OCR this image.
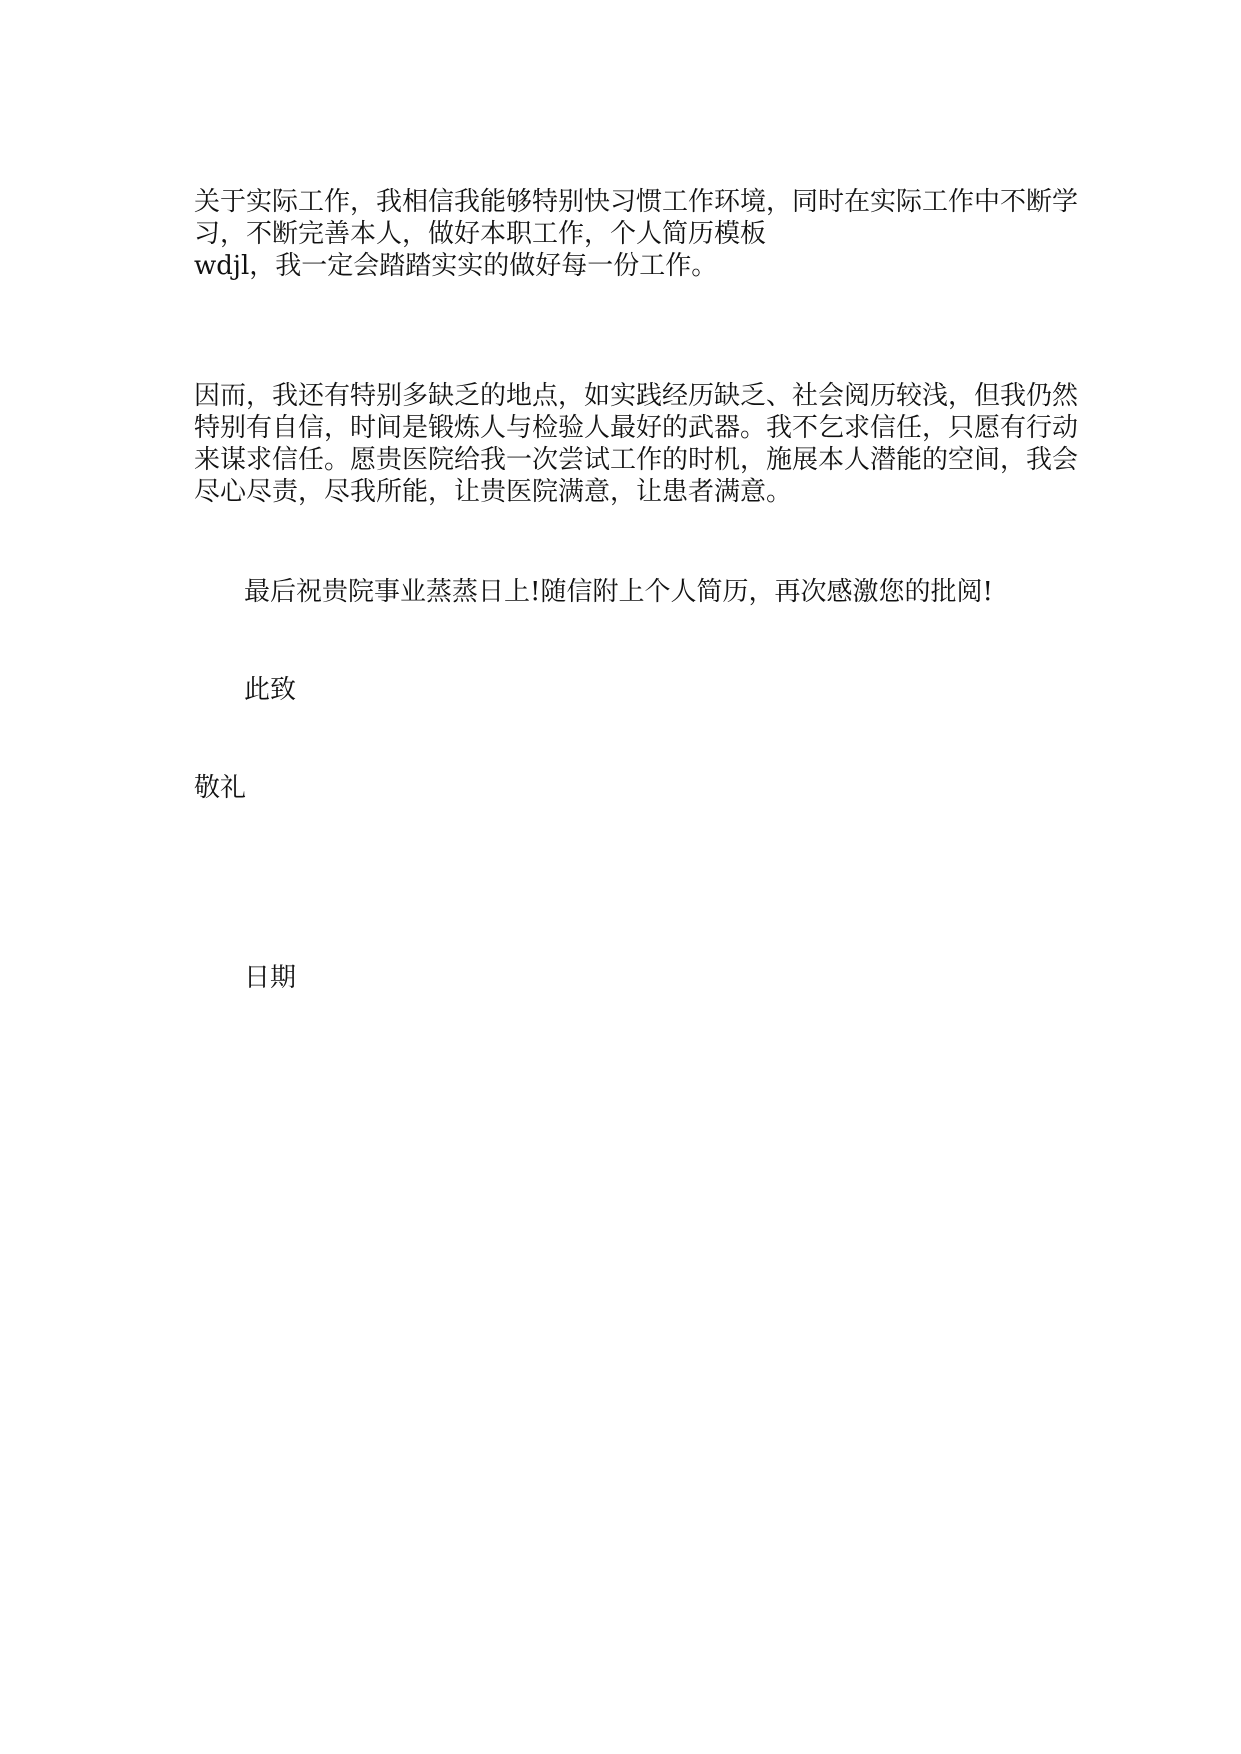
关于实际工作，我相信我能够特别快习惯工作环境，同时在实际工作中不断学

习，不断完善本人，做好本职工作，个人简历模板

wdjl，我一定会踏踏实实的做好每一份工作。

因而，我还有特别多缺乏的地点，如实践经历缺乏、社会阅历较浅，但我仍然

特别有自信，时间是锻炼人与检验人最好的武器。我不乞求信任，只愿有行动

来谋求信任。愿贵医院给我一次尝试工作的时机，施展本人潜能的空间，我会

尽心尽责，尽我所能，让贵医院满意，让患者满意。

最后祝贵院事业蒸蒸日上!随信附上个人简历，再次感激您的批阅!

此致

敬礼

日期
